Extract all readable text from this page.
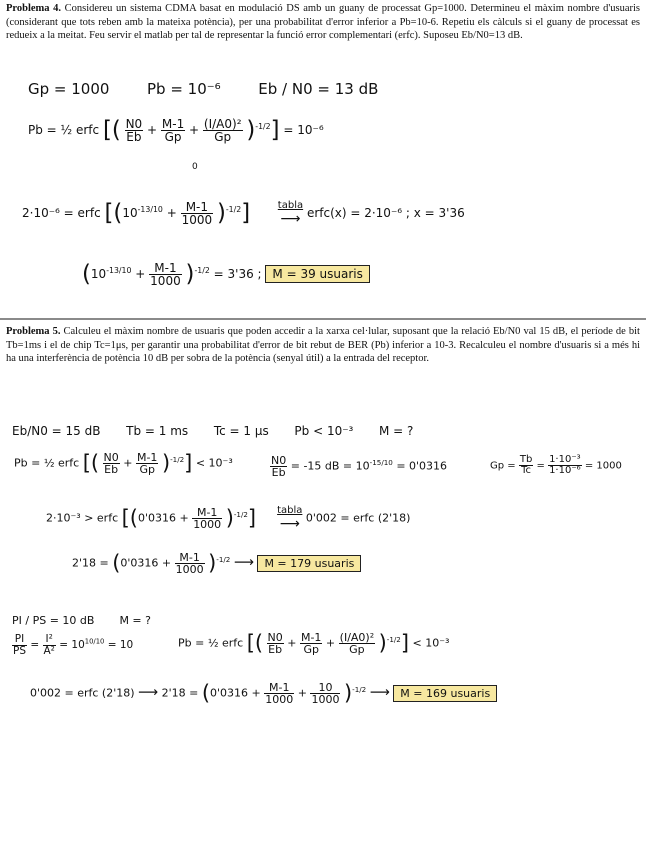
Problema 4. Considereu un sistema CDMA basat en modulació DS amb un guany de processat Gp=1000. Determineu el màxim nombre d'usuaris (considerant que tots reben amb la mateixa potència), per una probabilitat d'error inferior a Pb=10-6. Repetiu els càlculs si el guany de processat es redueix a la meitat. Feu servir el matlab per tal de representar la funció error complementari (erfc). Suposeu Eb/N0=13 dB.
Gp = 1000	Pb = 10⁻⁶	Eb / N0 = 13 dB
Pb = ½ erfc [( $\frac{N0}{Eb} + \frac{M-1}{Gp} + \frac{\text{(I/A0)²}}{Gp} )^{-1/2}] = 10^{-6}$
0
2·10⁻⁶ = erfc $[(10^{-13/10} + \frac{M-1}{1000} )^{-1/2}]$	tabla
⟶ erfc(x) = 2·10⁻⁶ ; x = 3'36
$(10^{-13/10} + \frac{M-1}{1000} )^{-1/2} = 3'36$ ; M = 39 usuaris
Problema 5. Calculeu el màxim nombre de usuaris que poden accedir a la xarxa cel·lular, suposant que la relació Eb/N0 val 15 dB, el període de bit Tb=1ms i el de chip Tc=1μs, per garantir una probabilitat d'error de bit rebut de BER (Pb) inferior a 10-3. Recalculeu el nombre d'usuaris si a més hi ha una interferència de potència 10 dB per sobra de la potència (senyal útil) a la entrada del receptor.
Eb/N0 = 15 dB Tb = 1 ms Tc = 1 μs Pb < 10⁻³ M = ?
Pb = ½ erfc [( $\frac{N0}{Eb} + \frac{M-1}{Gp} )^{-1/2}] < 10^{-3}$	$\frac{N0}{Eb} = -15$ dB = $10^{-15/10} = 0'0316$	$Gp = \frac{Tb}{Tc} = \frac{\text{1·10⁻³}}{\text{1·10⁻⁶}} = 1000$
2·10⁻³ > erfc $[(0'0316 + \frac{M-1}{1000} )^{-1/2}]$ tabla
⟶ 0'002 = erfc (2'18)
$2'18 = (0'0316 + \frac{M-1}{1000} )^{-1/2}$ ⟶ M = 179 usuaris
PI / PS = 10 dB M = ?
$\frac{PI}{PS} = \frac{\text{I²}}{\text{A²}} = 10^{10/10} = 10$	Pb = ½ erfc [( $\frac{N0}{Eb} + \frac{M-1}{Gp} + \frac{\text{(I/A0)²}}{Gp} )^{-1/2}] < 10^{-3}$
0'002 = erfc (2'18) ⟶ $2'18 = (0'0316 + \frac{M-1}{1000} + \frac{10}{1000} )^{-1/2}$ ⟶ M = 169 usuaris
